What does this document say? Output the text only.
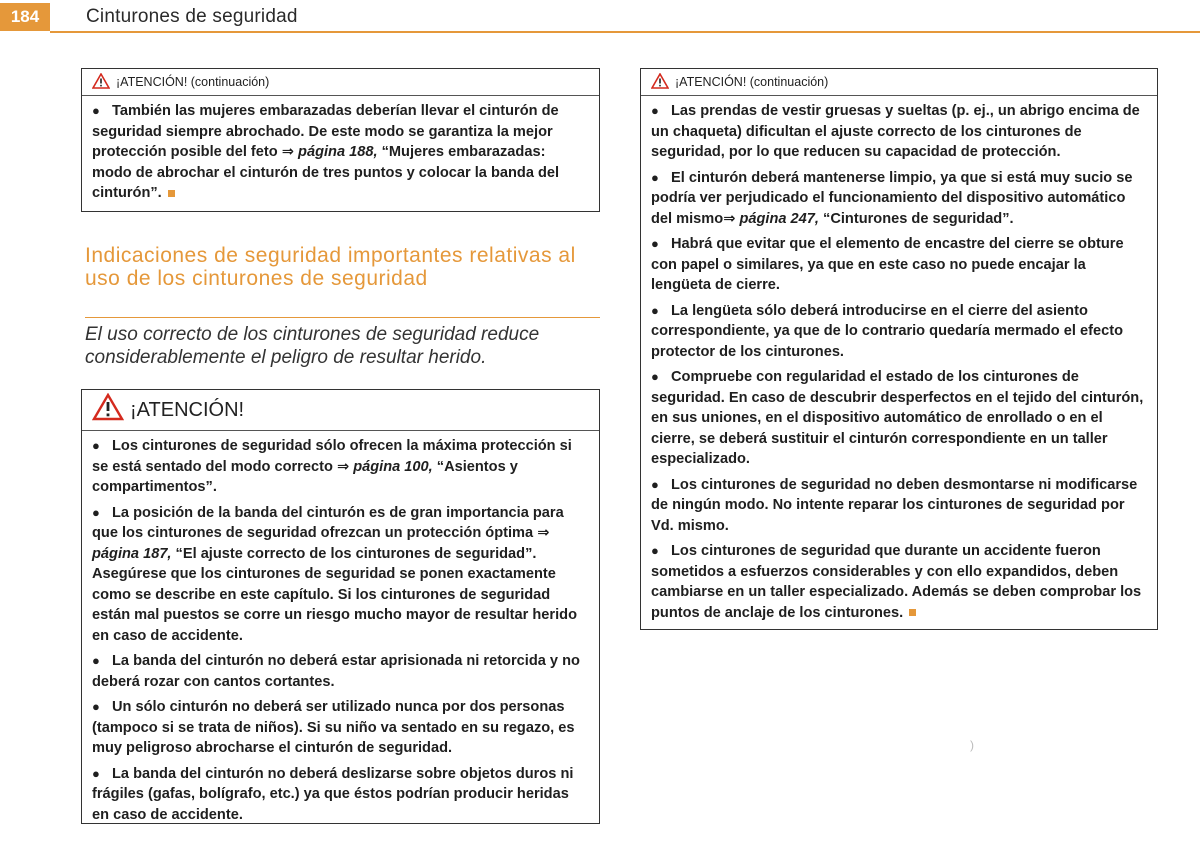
184	Cinturones de seguridad
¡ATENCIÓN! (continuación)
● También las mujeres embarazadas deberían llevar el cinturón de seguridad siempre abrochado. De este modo se garantiza la mejor protección posible del feto ⇒ página 188, “Mujeres embarazadas: modo de abrochar el cinturón de tres puntos y colocar la banda del cinturón”.
Indicaciones de seguridad importantes relativas al uso de los cinturones de seguridad
El uso correcto de los cinturones de seguridad reduce considerablemente el peligro de resultar herido.
¡ATENCIÓN!
● Los cinturones de seguridad sólo ofrecen la máxima protección si se está sentado del modo correcto ⇒ página 100, “Asientos y compartimentos”.
● La posición de la banda del cinturón es de gran importancia para que los cinturones de seguridad ofrezcan un protección óptima ⇒ página 187, “El ajuste correcto de los cinturones de seguridad”. Asegúrese que los cinturones de seguridad se ponen exactamente como se describe en este capítulo. Si los cinturones de seguridad están mal puestos se corre un riesgo mucho mayor de resultar herido en caso de accidente.
● La banda del cinturón no deberá estar aprisionada ni retorcida y no deberá rozar con cantos cortantes.
● Un sólo cinturón no deberá ser utilizado nunca por dos personas (tampoco si se trata de niños). Si su niño va sentado en su regazo, es muy peligroso abrocharse el cinturón de seguridad.
● La banda del cinturón no deberá deslizarse sobre objetos duros ni frágiles (gafas, bolígrafo, etc.) ya que éstos podrían producir heridas en caso de accidente.
¡ATENCIÓN! (continuación)
● Las prendas de vestir gruesas y sueltas (p. ej., un abrigo encima de un chaqueta) dificultan el ajuste correcto de los cinturones de seguridad, por lo que reducen su capacidad de protección.
● El cinturón deberá mantenerse limpio, ya que si está muy sucio se podría ver perjudicado el funcionamiento del dispositivo automático del mismo⇒ página 247, “Cinturones de seguridad”.
● Habrá que evitar que el elemento de encastre del cierre se obture con papel o similares, ya que en este caso no puede encajar la lengüeta de cierre.
● La lengüeta sólo deberá introducirse en el cierre del asiento correspondiente, ya que de lo contrario quedaría mermado el efecto protector de los cinturones.
● Compruebe con regularidad el estado de los cinturones de seguridad. En caso de descubrir desperfectos en el tejido del cinturón, en sus uniones, en el dispositivo automático de enrollado o en el cierre, se deberá sustituir el cinturón correspondiente en un taller especializado.
● Los cinturones de seguridad no deben desmontarse ni modificarse de ningún modo. No intente reparar los cinturones de seguridad por Vd. mismo.
● Los cinturones de seguridad que durante un accidente fueron sometidos a esfuerzos considerables y con ello expandidos, deben cambiarse en un taller especializado. Además se deben comprobar los puntos de anclaje de los cinturones.
)
